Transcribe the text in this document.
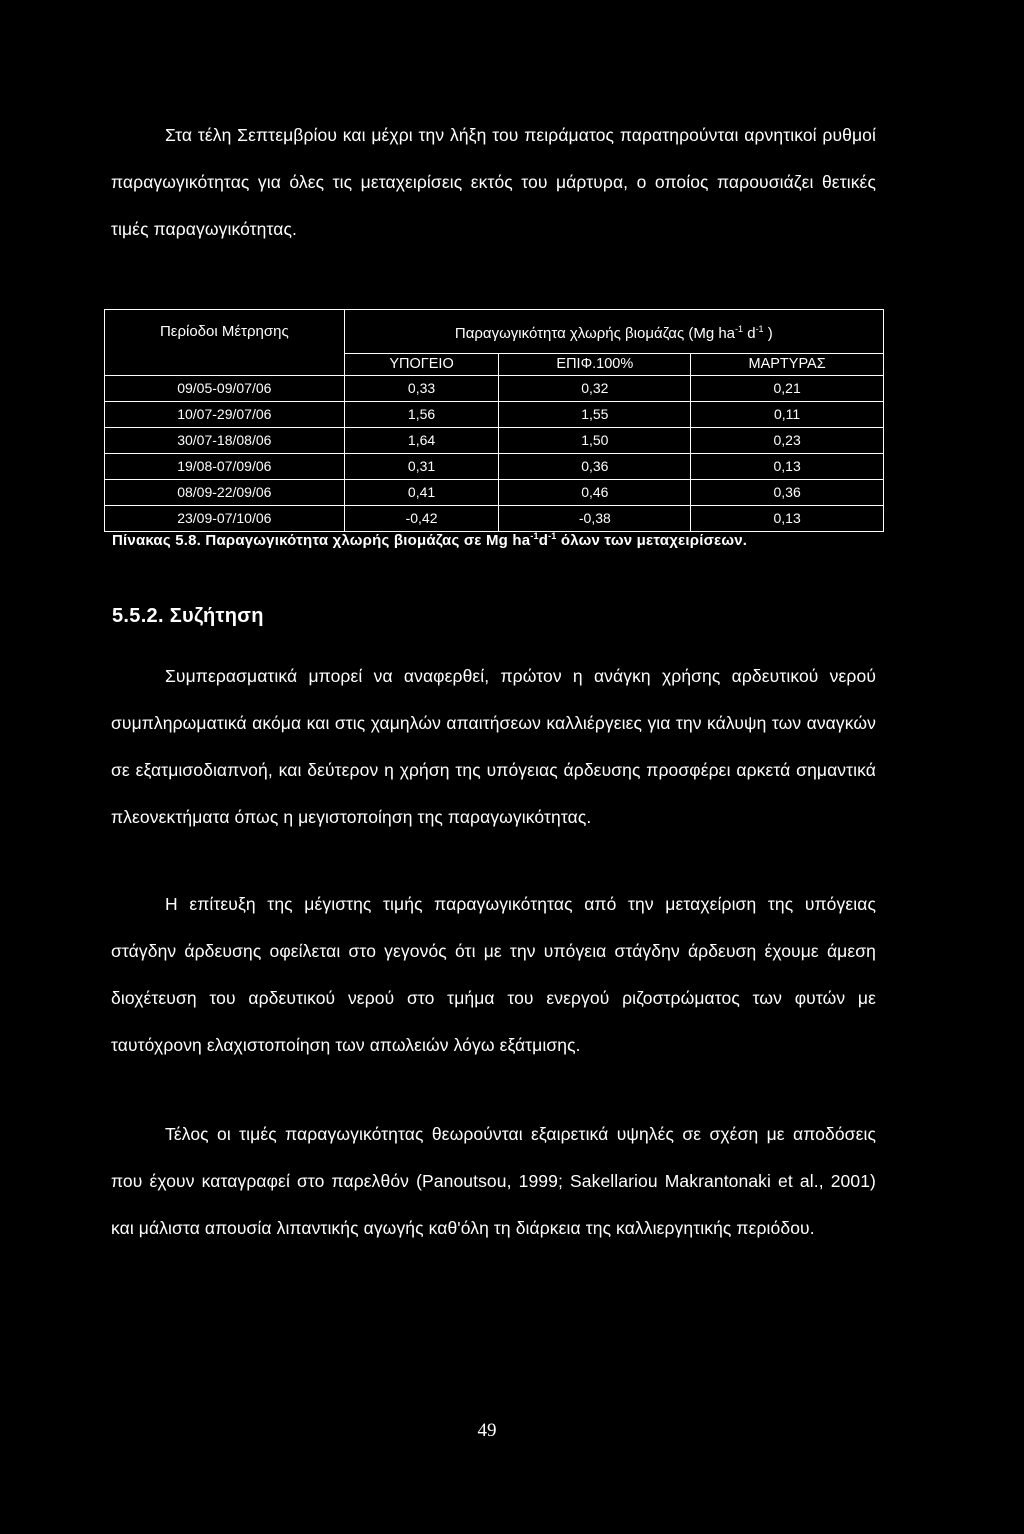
Στα τέλη Σεπτεμβρίου και μέχρι την λήξη του πειράματος παρατηρούνται αρνητικοί ρυθμοί παραγωγικότητας για όλες τις μεταχειρίσεις εκτός του μάρτυρα, ο οποίος παρουσιάζει θετικές τιμές παραγωγικότητας.

Περίοδοι Μέτρησης	Παραγωγικότητα χλωρής βιομάζας (Mg $ha^{-1}$ $d^{-1}$ )		
	ΥΠΟΓΕΙΟ	ΕΠΙΦ.100%	ΜΑΡΤΥΡΑΣ
09/05-09/07/06	0,33	0,32	0,21
10/07-29/07/06	1,56	1,55	0,11
30/07-18/08/06	1,64	1,50	0,23
19/08-07/09/06	0,31	0,36	0,13
08/09-22/09/06	0,41	0,46	0,36
23/09-07/10/06	-0,42	-0,38	0,13
Πίνακας 5.8. Παραγωγικότητα χλωρής βιομάζας σε Mg $ha^{-1}d^{-1}$ όλων των μεταχειρίσεων.
5.5.2. Συζήτηση

Συμπερασματικά μπορεί να αναφερθεί, πρώτον η ανάγκη χρήσης αρδευτικού νερού συμπληρωματικά ακόμα και στις χαμηλών απαιτήσεων καλλιέργειες για την κάλυψη των αναγκών σε εξατμισοδιαπνοή, και δεύτερον η χρήση της υπόγειας άρδευσης προσφέρει αρκετά σημαντικά πλεονεκτήματα όπως η μεγιστοποίηση της παραγωγικότητας.

Η επίτευξη της μέγιστης τιμής παραγωγικότητας από την μεταχείριση της υπόγειας στάγδην άρδευσης οφείλεται στο γεγονός ότι με την υπόγεια στάγδην άρδευση έχουμε άμεση διοχέτευση του αρδευτικού νερού στο τμήμα του ενεργού ριζοστρώματος των φυτών με ταυτόχρονη ελαχιστοποίηση των απωλειών λόγω εξάτμισης.

Τέλος οι τιμές παραγωγικότητας θεωρούνται εξαιρετικά υψηλές σε σχέση με αποδόσεις που έχουν καταγραφεί στο παρελθόν (Panoutsou, 1999; Sakellariou Makrantonaki et al., 2001) και μάλιστα απουσία λιπαντικής αγωγής καθ'όλη τη διάρκεια της καλλιεργητικής περιόδου.

49
